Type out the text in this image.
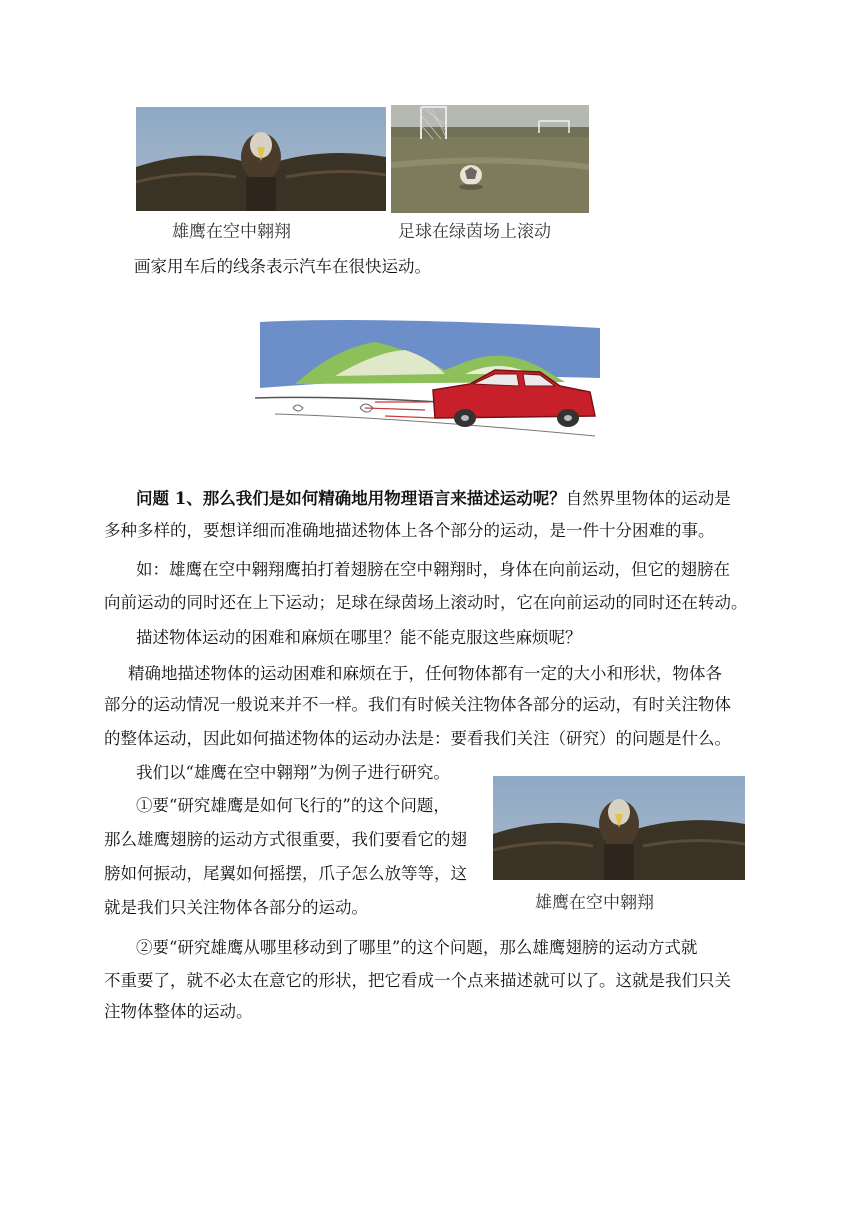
雄鹰在空中翱翔	足球在绿茵场上滚动
画家用车后的线条表示汽车在很快运动。
问题 1、那么我们是如何精确地用物理语言来描述运动呢？自然界里物体的运动是
多种多样的，要想详细而准确地描述物体上各个部分的运动，是一件十分困难的事。
如：雄鹰在空中翱翔鹰拍打着翅膀在空中翱翔时，身体在向前运动，但它的翅膀在
向前运动的同时还在上下运动；足球在绿茵场上滚动时，它在向前运动的同时还在转动。
描述物体运动的困难和麻烦在哪里？能不能克服这些麻烦呢？
精确地描述物体的运动困难和麻烦在于，任何物体都有一定的大小和形状，物体各
部分的运动情况一般说来并不一样。我们有时候关注物体各部分的运动，有时关注物体
的整体运动，因此如何描述物体的运动办法是：要看我们关注（研究）的问题是什么。
我们以“雄鹰在空中翱翔”为例子进行研究。
①要“研究雄鹰是如何飞行的”的这个问题，
那么雄鹰翅膀的运动方式很重要，我们要看它的翅
膀如何振动，尾翼如何摇摆，爪子怎么放等等，这
就是我们只关注物体各部分的运动。	雄鹰在空中翱翔
②要“研究雄鹰从哪里移动到了哪里”的这个问题，那么雄鹰翅膀的运动方式就
不重要了，就不必太在意它的形状，把它看成一个点来描述就可以了。这就是我们只关
注物体整体的运动。
